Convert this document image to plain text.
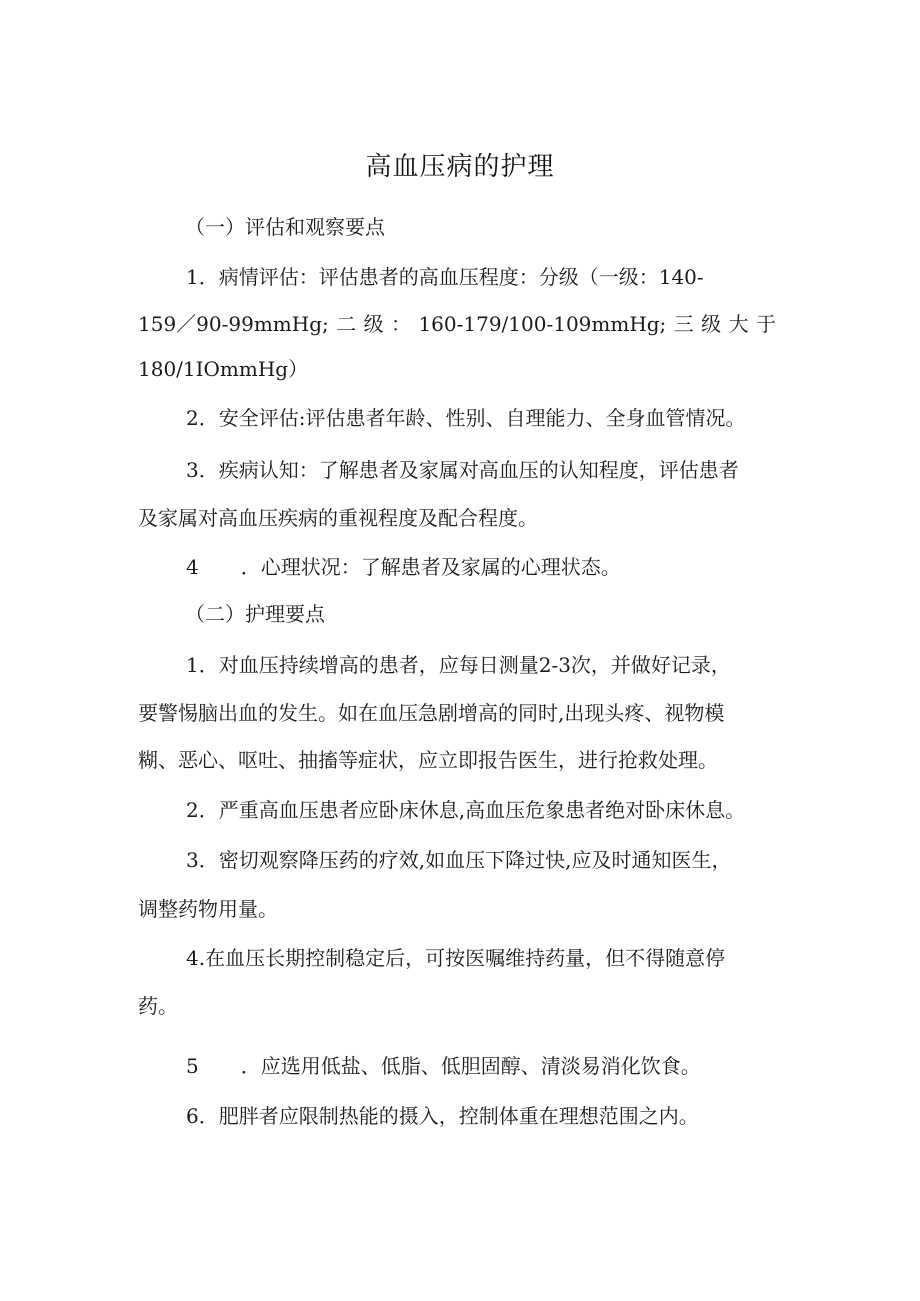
高血压病的护理
（一）评估和观察要点
1．病情评估：评估患者的高血压程度：分级（一级：140-
159／90-99mmHg; 二 级 ： 160-179/100-109mmHg; 三 级 大 于
180/1IOmmHg）
2．安全评估:评估患者年龄、性别、自理能力、全身血管情况。
3．疾病认知：了解患者及家属对高血压的认知程度，评估患者
及家属对高血压疾病的重视程度及配合程度。
4 ．心理状况：了解患者及家属的心理状态。
（二）护理要点
1．对血压持续增高的患者，应每日测量2-3次，并做好记录，
要警惕脑出血的发生。如在血压急剧增高的同时,出现头疼、视物模
糊、恶心、呕吐、抽搐等症状，应立即报告医生，进行抢救处理。
2．严重高血压患者应卧床休息,高血压危象患者绝对卧床休息。
3．密切观察降压药的疗效,如血压下降过快,应及时通知医生，
调整药物用量。
4.在血压长期控制稳定后，可按医嘱维持药量，但不得随意停
药。
5 ．应选用低盐、低脂、低胆固醇、清淡易消化饮食。
6．肥胖者应限制热能的摄入，控制体重在理想范围之内。
